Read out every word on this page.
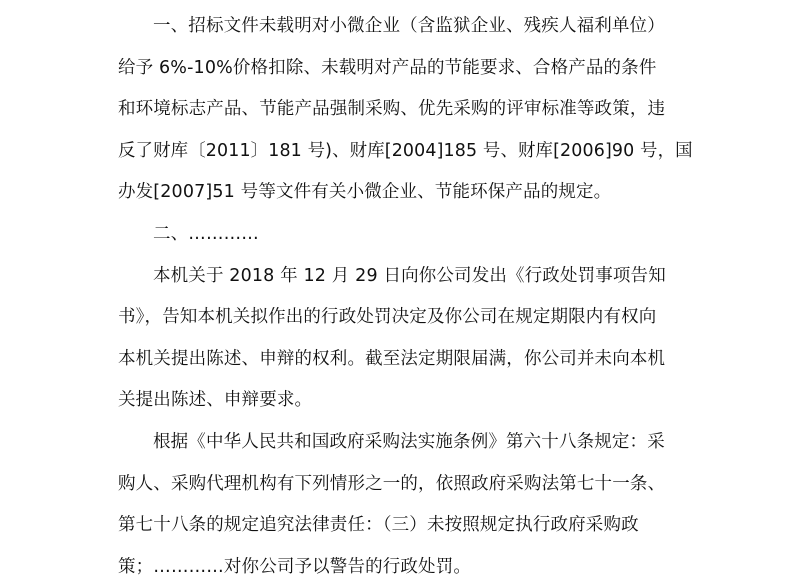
一、招标文件未载明对小微企业（含监狱企业、残疾人福利单位）
给予 6%-10%价格扣除、未载明对产品的节能要求、合格产品的条件
和环境标志产品、节能产品强制采购、优先采购的评审标准等政策，违
反了财库〔2011〕181 号)、财库[2004]185 号、财库[2006]90 号，国
办发[2007]51 号等文件有关小微企业、节能环保产品的规定。
二、…………
本机关于 2018 年 12 月 29 日向你公司发出《行政处罚事项告知
书》，告知本机关拟作出的行政处罚决定及你公司在规定期限内有权向
本机关提出陈述、申辩的权利。截至法定期限届满，你公司并未向本机
关提出陈述、申辩要求。
根据《中华人民共和国政府采购法实施条例》第六十八条规定：采
购人、采购代理机构有下列情形之一的，依照政府采购法第七十一条、
第七十八条的规定追究法律责任：（三）未按照规定执行政府采购政
策；…………对你公司予以警告的行政处罚。
